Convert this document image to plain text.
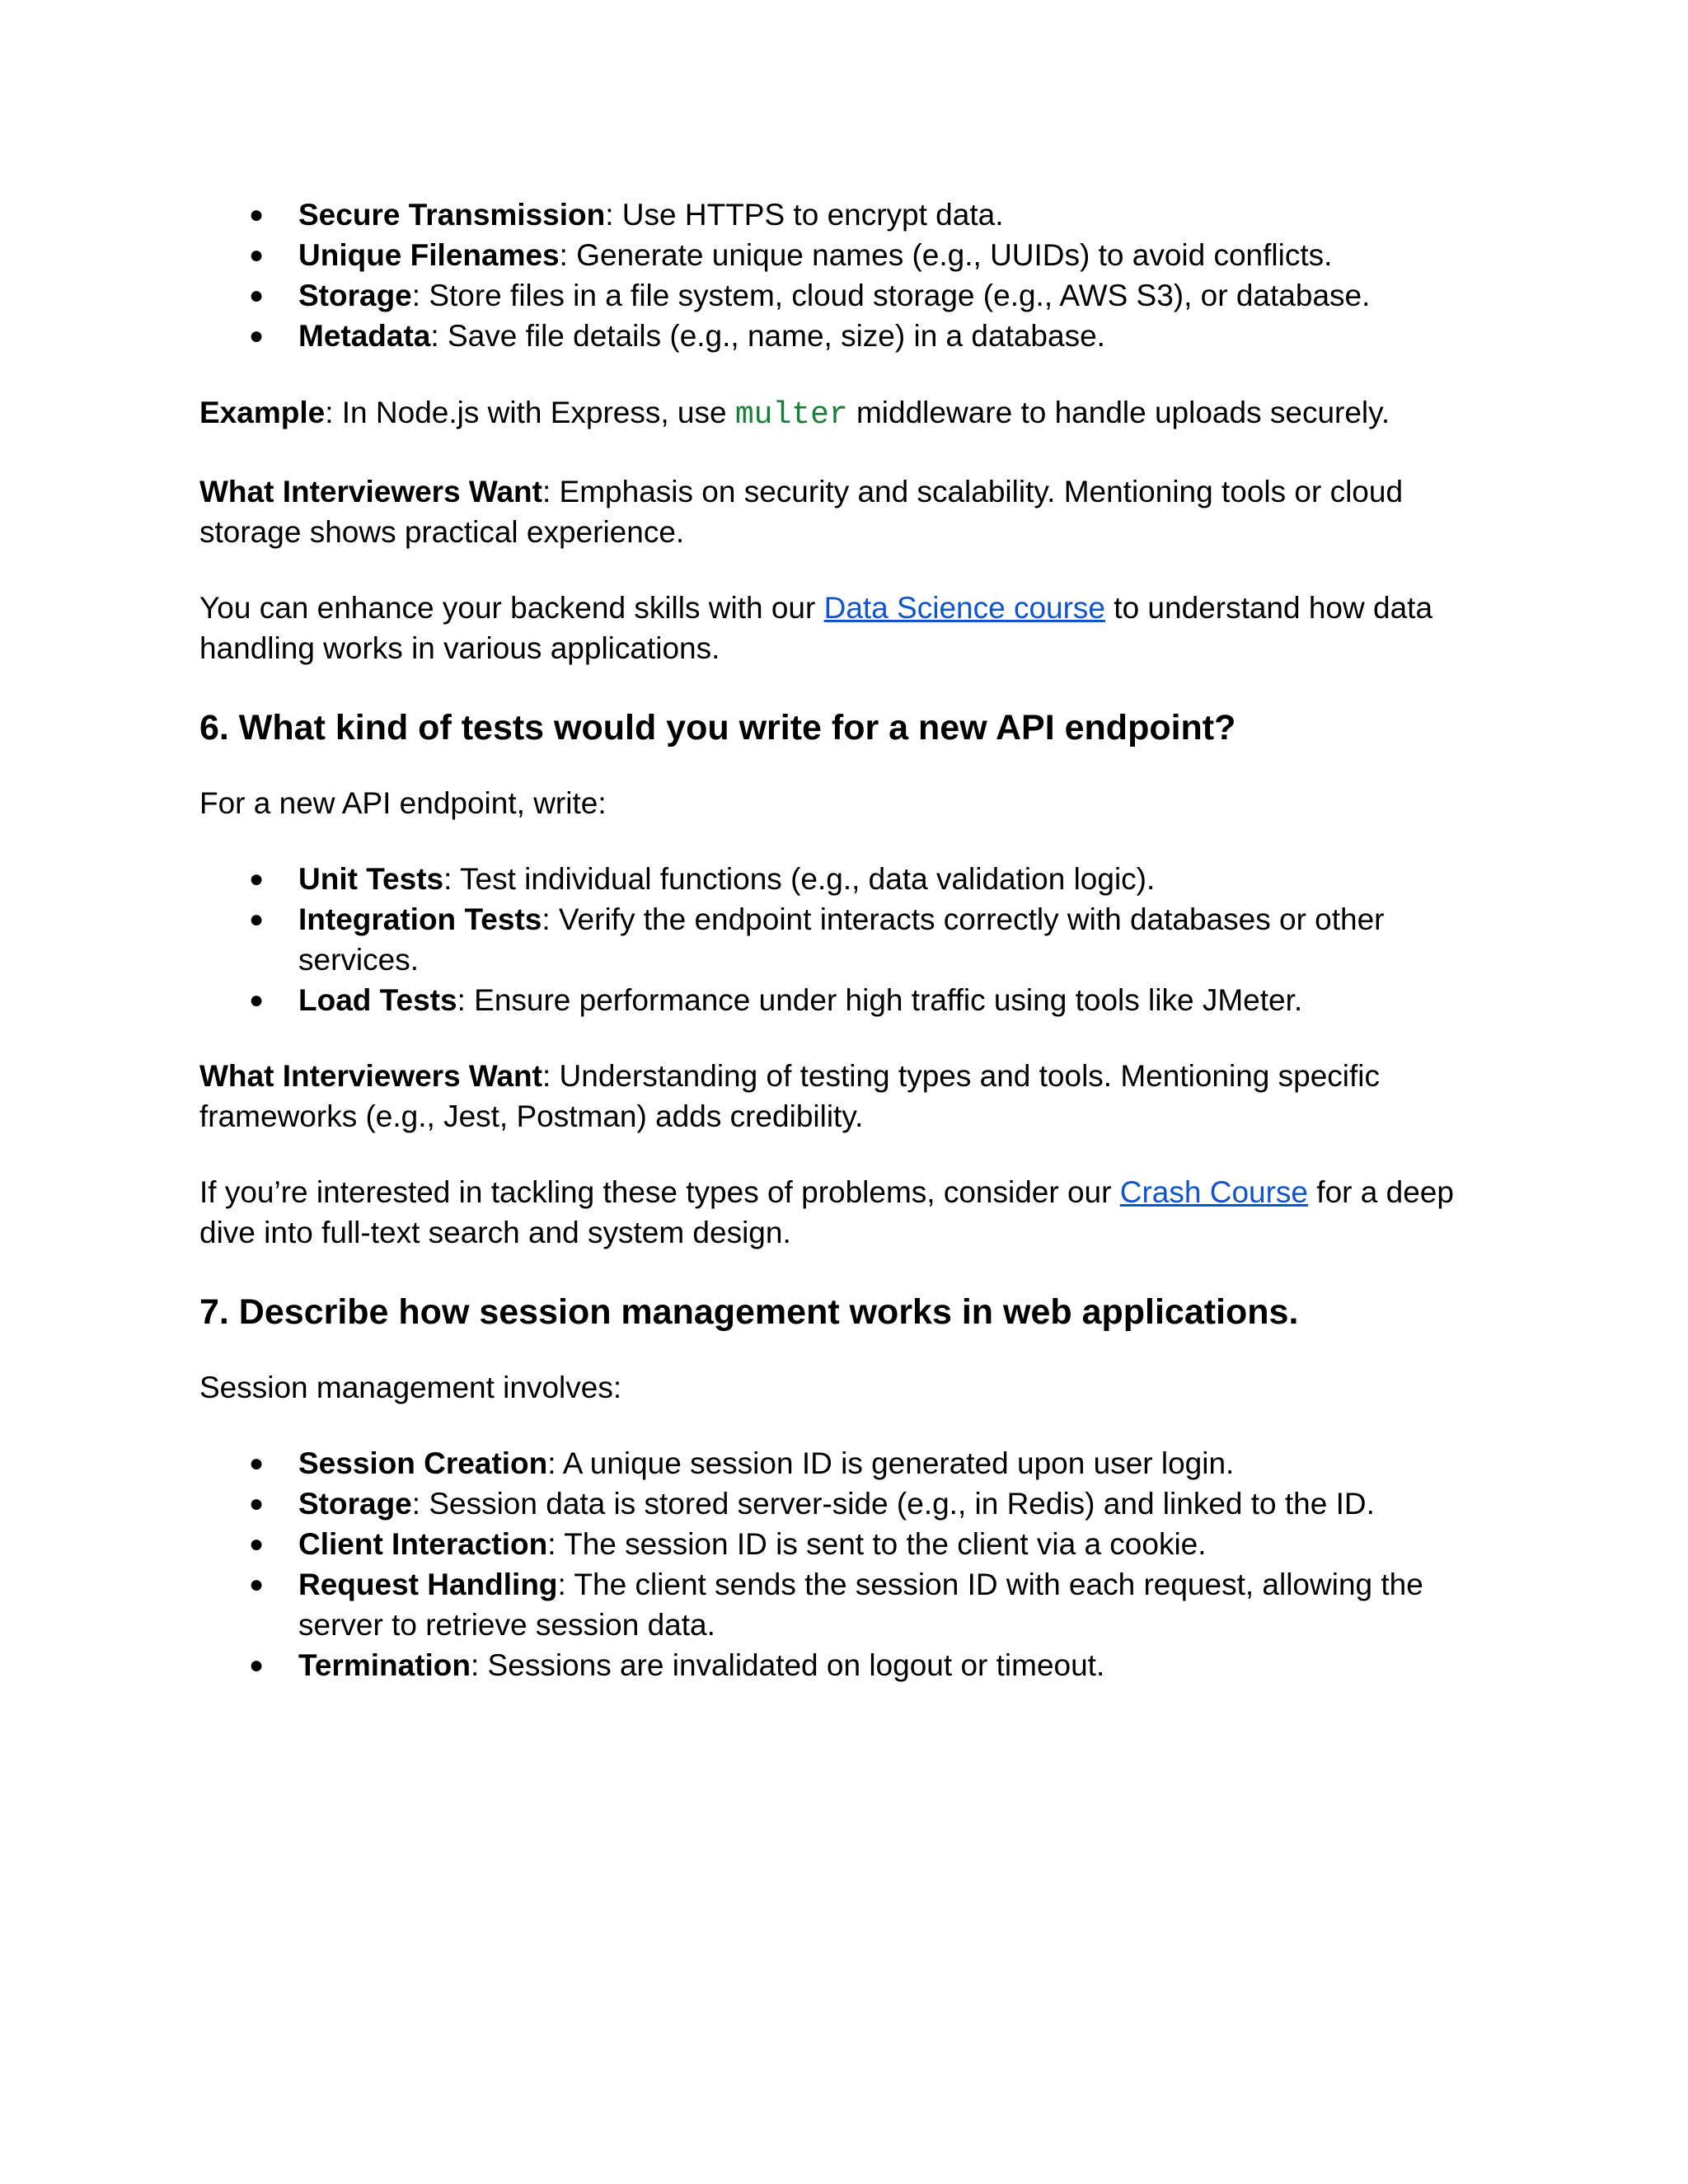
● Secure Transmission: Use HTTPS to encrypt data.
● Unique Filenames: Generate unique names (e.g., UUIDs) to avoid conflicts.
● Storage: Store files in a file system, cloud storage (e.g., AWS S3), or database.
● Metadata: Save file details (e.g., name, size) in a database.

Example: In Node.js with Express, use multer middleware to handle uploads securely.

What Interviewers Want: Emphasis on security and scalability. Mentioning tools or cloud storage shows practical experience.

You can enhance your backend skills with our Data Science course to understand how data handling works in various applications.

6. What kind of tests would you write for a new API endpoint?

For a new API endpoint, write:

● Unit Tests: Test individual functions (e.g., data validation logic).
● Integration Tests: Verify the endpoint interacts correctly with databases or other services.
● Load Tests: Ensure performance under high traffic using tools like JMeter.

What Interviewers Want: Understanding of testing types and tools. Mentioning specific frameworks (e.g., Jest, Postman) adds credibility.

If you’re interested in tackling these types of problems, consider our Crash Course for a deep dive into full-text search and system design.

7. Describe how session management works in web applications.

Session management involves:

● Session Creation: A unique session ID is generated upon user login.
● Storage: Session data is stored server-side (e.g., in Redis) and linked to the ID.
● Client Interaction: The session ID is sent to the client via a cookie.
● Request Handling: The client sends the session ID with each request, allowing the server to retrieve session data.
● Termination: Sessions are invalidated on logout or timeout.
